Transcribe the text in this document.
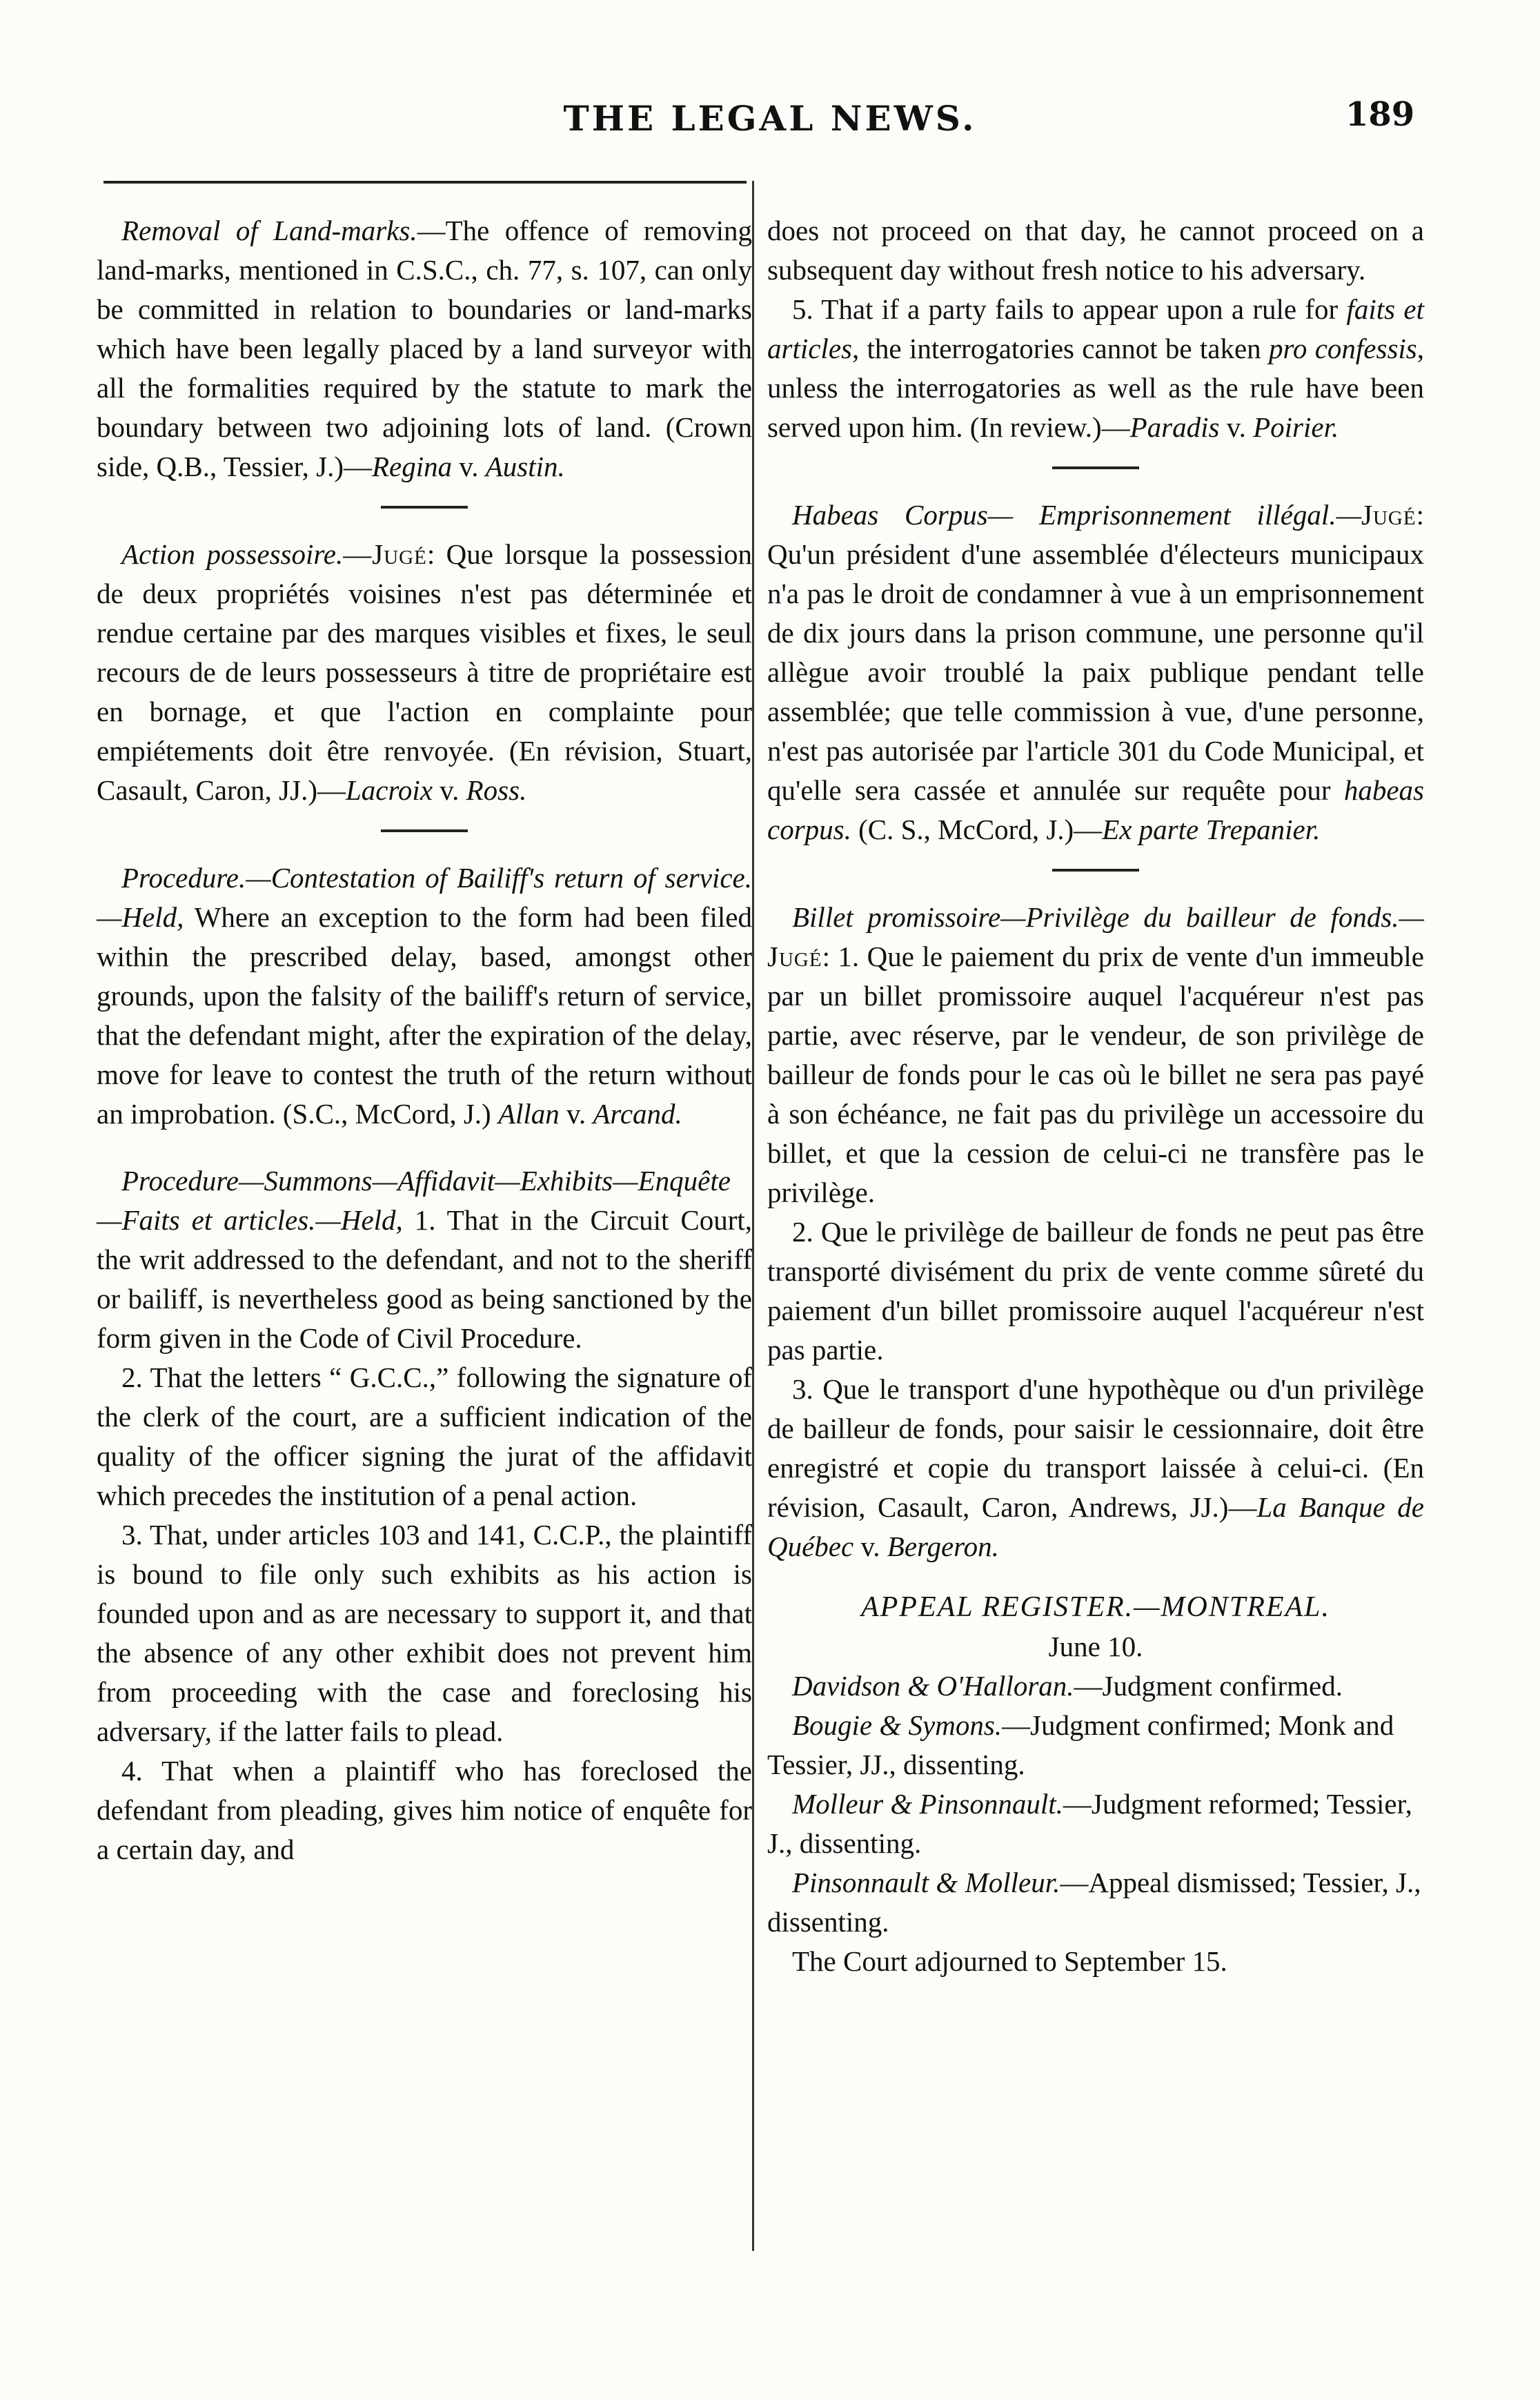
THE LEGAL NEWS.	189

Removal of Land-marks.—The offence of removing land-marks, mentioned in C.S.C., ch. 77, s. 107, can only be committed in relation to boundaries or land-marks which have been legally placed by a land surveyor with all the formalities required by the statute to mark the boundary between two adjoining lots of land. (Crown side, Q.B., Tessier, J.)—Regina v. Austin.

Action possessoire.—Jugé: Que lorsque la possession de deux propriétés voisines n'est pas déterminée et rendue certaine par des marques visibles et fixes, le seul recours de de leurs possesseurs à titre de propriétaire est en bornage, et que l'action en complainte pour empiétements doit être renvoyée. (En révision, Stuart, Casault, Caron, JJ.)—Lacroix v. Ross.

Procedure.—Contestation of Bailiff's return of service.—Held, Where an exception to the form had been filed within the prescribed delay, based, amongst other grounds, upon the falsity of the bailiff's return of service, that the defendant might, after the expiration of the delay, move for leave to contest the truth of the return without an improbation. (S.C., McCord, J.) Allan v. Arcand.

Procedure—Summons—Affidavit—Exhibits—Enquête—Faits et articles.—Held, 1. That in the Circuit Court, the writ addressed to the defendant, and not to the sheriff or bailiff, is nevertheless good as being sanctioned by the form given in the Code of Civil Procedure.

2. That the letters “ G.C.C.,” following the signature of the clerk of the court, are a sufficient indication of the quality of the officer signing the jurat of the affidavit which precedes the institution of a penal action.

3. That, under articles 103 and 141, C.C.P., the plaintiff is bound to file only such exhibits as his action is founded upon and as are necessary to support it, and that the absence of any other exhibit does not prevent him from proceeding with the case and foreclosing his adversary, if the latter fails to plead.

4. That when a plaintiff who has foreclosed the defendant from pleading, gives him notice of enquête for a certain day, and

does not proceed on that day, he cannot proceed on a subsequent day without fresh notice to his adversary.

5. That if a party fails to appear upon a rule for faits et articles, the interrogatories cannot be taken pro confessis, unless the interrogatories as well as the rule have been served upon him. (In review.)—Paradis v. Poirier.

Habeas Corpus— Emprisonnement illégal.—Jugé: Qu'un président d'une assemblée d'électeurs municipaux n'a pas le droit de condamner à vue à un emprisonnement de dix jours dans la prison commune, une personne qu'il allègue avoir troublé la paix publique pendant telle assemblée; que telle commission à vue, d'une personne, n'est pas autorisée par l'article 301 du Code Municipal, et qu'elle sera cassée et annulée sur requête pour habeas corpus. (C. S., McCord, J.)—Ex parte Trepanier.

Billet promissoire—Privilège du bailleur de fonds.—Jugé: 1. Que le paiement du prix de vente d'un immeuble par un billet promissoire auquel l'acquéreur n'est pas partie, avec réserve, par le vendeur, de son privilège de bailleur de fonds pour le cas où le billet ne sera pas payé à son échéance, ne fait pas du privilège un accessoire du billet, et que la cession de celui-ci ne transfère pas le privilège.

2. Que le privilège de bailleur de fonds ne peut pas être transporté divisément du prix de vente comme sûreté du paiement d'un billet promissoire auquel l'acquéreur n'est pas partie.

3. Que le transport d'une hypothèque ou d'un privilège de bailleur de fonds, pour saisir le cessionnaire, doit être enregistré et copie du transport laissée à celui-ci. (En révision, Casault, Caron, Andrews, JJ.)—La Banque de Québec v. Bergeron.

APPEAL REGISTER.—MONTREAL.
June 10.

Davidson & O'Halloran.—Judgment confirmed.

Bougie & Symons.—Judgment confirmed; Monk and Tessier, JJ., dissenting.

Molleur & Pinsonnault.—Judgment reformed; Tessier, J., dissenting.

Pinsonnault & Molleur.—Appeal dismissed; Tessier, J., dissenting.

The Court adjourned to September 15.
